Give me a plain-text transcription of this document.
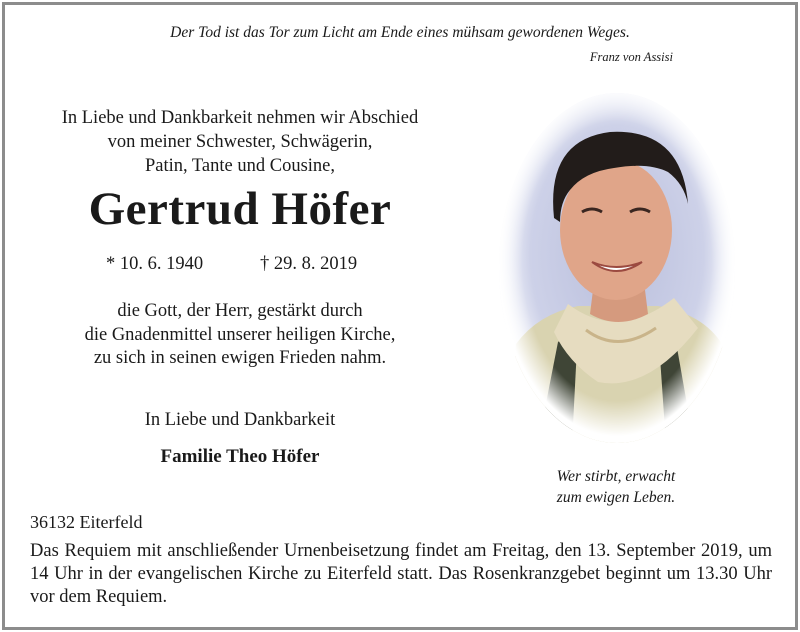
Der Tod ist das Tor zum Licht am Ende eines mühsam gewordenen Weges.
Franz von Assisi
In Liebe und Dankbarkeit nehmen wir Abschied
von meiner Schwester, Schwägerin,
Patin, Tante und Cousine,
Gertrud Höfer
* 10. 6. 1940	† 29. 8. 2019
die Gott, der Herr, gestärkt durch
die Gnadenmittel unserer heiligen Kirche,
zu sich in seinen ewigen Frieden nahm.
In Liebe und Dankbarkeit
Familie Theo Höfer
Wer stirbt, erwacht
zum ewigen Leben.
36132 Eiterfeld
Das Requiem mit anschließender Urnenbeisetzung findet am Freitag, den 13. September 2019, um 14 Uhr in der evangelischen Kirche zu Eiterfeld statt. Das Rosenkranzgebet beginnt um 13.30 Uhr vor dem Requiem.
